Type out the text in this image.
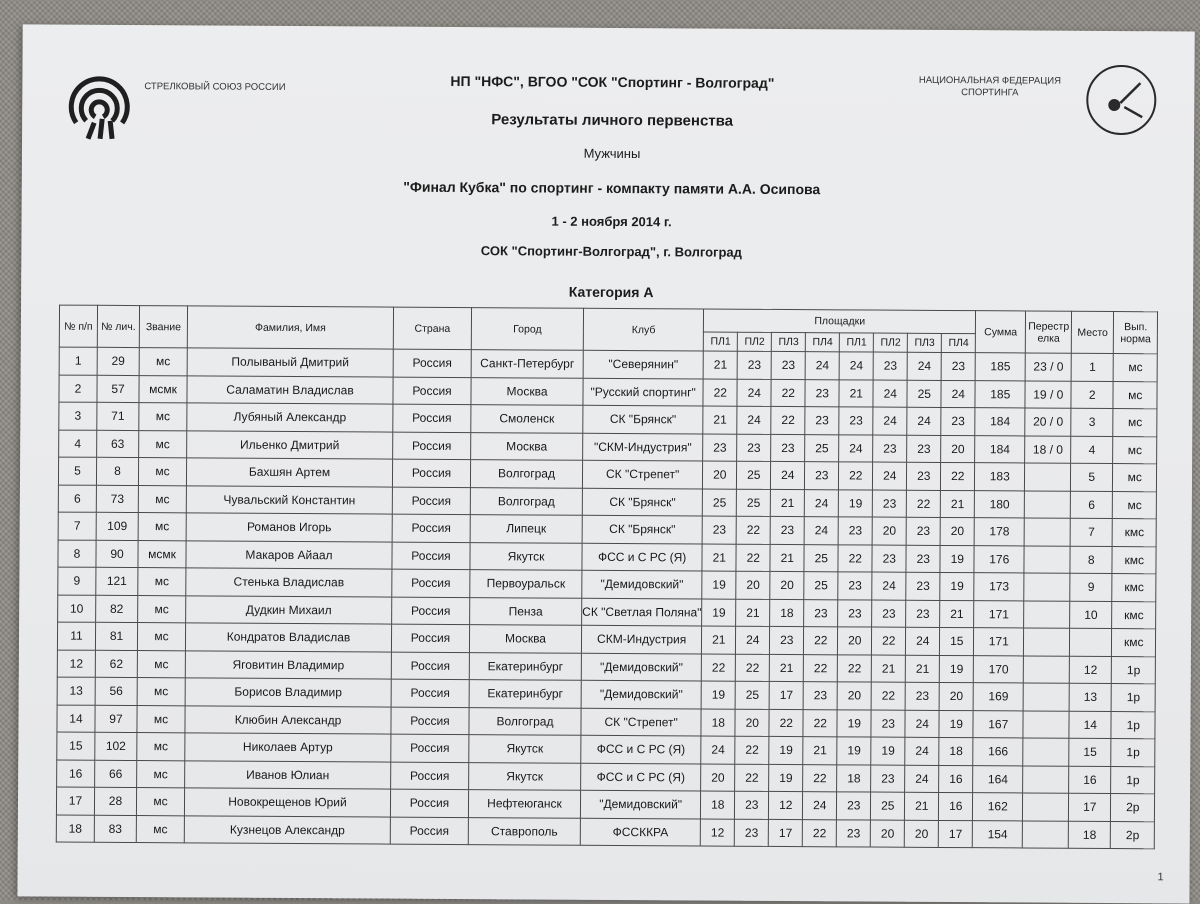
СТРЕЛКОВЫЙ СОЮЗ РОССИИ
НАЦИОНАЛЬНАЯ ФЕДЕРАЦИЯ СПОРТИНГА
НП "НФС", ВГОО "СОК "Спортинг - Волгоград"
Результаты личного первенства
Мужчины
"Финал Кубка" по спортинг - компакту памяти А.А. Осипова
1 - 2 ноября 2014 г.
СОК "Спортинг-Волгоград", г. Волгоград
Категория А
№ п/п	№ лич.	Звание	Фамилия, Имя	Страна	Город	Клуб	Площадки								Сумма	Перестрелка	Место	Вып. норма
							ПЛ1	ПЛ2	ПЛ3	ПЛ4	ПЛ1	ПЛ2	ПЛ3	ПЛ4				
1	29	мс	Полываный Дмитрий	Россия	Санкт-Петербург	"Северянин"	21	23	23	24	24	23	24	23	185	23 / 0	1	мс
2	57	мсмк	Саламатин Владислав	Россия	Москва	"Русский спортинг"	22	24	22	23	21	24	25	24	185	19 / 0	2	мс
3	71	мс	Лубяный Александр	Россия	Смоленск	СК "Брянск"	21	24	22	23	23	24	24	23	184	20 / 0	3	мс
4	63	мс	Ильенко Дмитрий	Россия	Москва	"СКМ-Индустрия"	23	23	23	25	24	23	23	20	184	18 / 0	4	мс
5	8	мс	Бахшян Артем	Россия	Волгоград	СК "Стрепет"	20	25	24	23	22	24	23	22	183		5	мс
6	73	мс	Чувальский Константин	Россия	Волгоград	СК "Брянск"	25	25	21	24	19	23	22	21	180		6	мс
7	109	мс	Романов Игорь	Россия	Липецк	СК "Брянск"	23	22	23	24	23	20	23	20	178		7	кмс
8	90	мсмк	Макаров Айаал	Россия	Якутск	ФСС и С РС (Я)	21	22	21	25	22	23	23	19	176		8	кмс
9	121	мс	Стенька Владислав	Россия	Первоуральск	"Демидовский"	19	20	20	25	23	24	23	19	173		9	кмс
10	82	мс	Дудкин Михаил	Россия	Пенза	СК "Светлая Поляна"	19	21	18	23	23	23	23	21	171		10	кмс
11	81	мс	Кондратов Владислав	Россия	Москва	СКМ-Индустрия	21	24	23	22	20	22	24	15	171			кмс
12	62	мс	Яговитин Владимир	Россия	Екатеринбург	"Демидовский"	22	22	21	22	22	21	21	19	170		12	1р
13	56	мс	Борисов Владимир	Россия	Екатеринбург	"Демидовский"	19	25	17	23	20	22	23	20	169		13	1р
14	97	мс	Клюбин Александр	Россия	Волгоград	СК "Стрепет"	18	20	22	22	19	23	24	19	167		14	1р
15	102	мс	Николаев Артур	Россия	Якутск	ФСС и С РС (Я)	24	22	19	21	19	19	24	18	166		15	1р
16	66	мс	Иванов Юлиан	Россия	Якутск	ФСС и С РС (Я)	20	22	19	22	18	23	24	16	164		16	1р
17	28	мс	Новокрещенов Юрий	Россия	Нефтеюганск	"Демидовский"	18	23	12	24	23	25	21	16	162		17	2р
18	83	мс	Кузнецов Александр	Россия	Ставрополь	ФССККРА	12	23	17	22	23	20	20	17	154		18	2р
1
